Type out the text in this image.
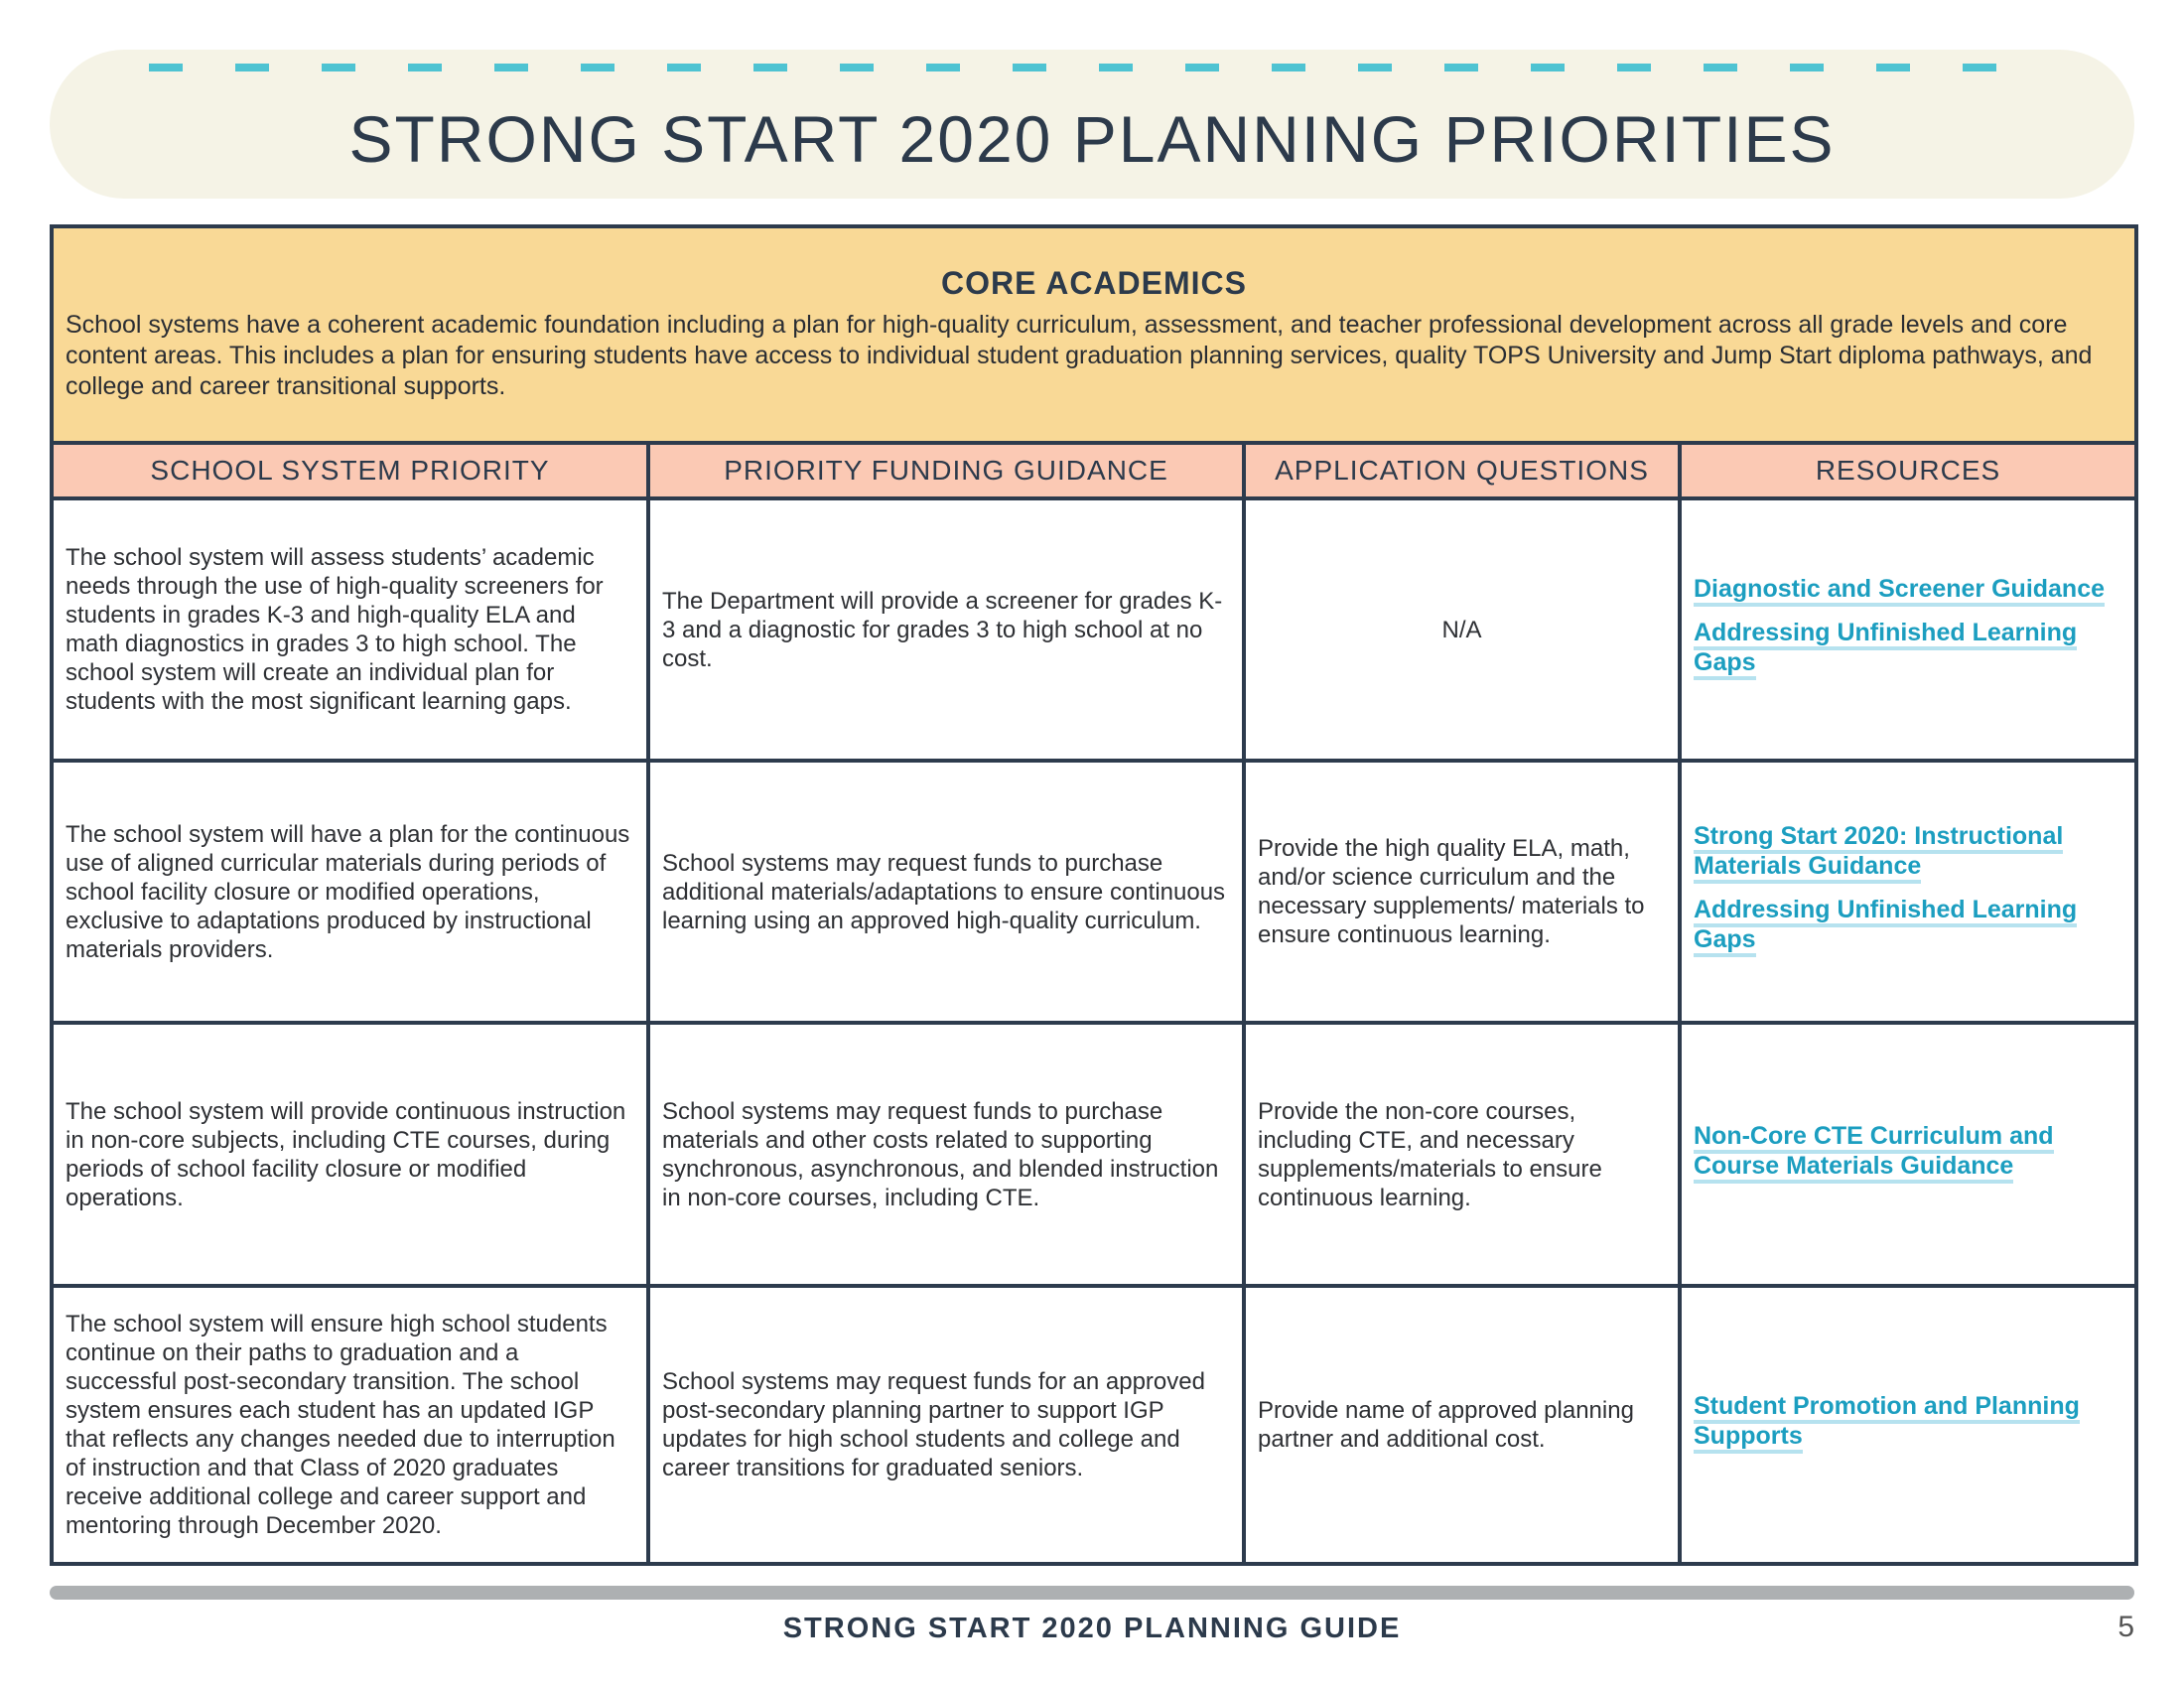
STRONG START 2020 PLANNING PRIORITIES
CORE ACADEMICS
School systems have a coherent academic foundation including a plan for high-quality curriculum, assessment, and teacher professional development across all grade levels and core content areas. This includes a plan for ensuring students have access to individual student graduation planning services, quality TOPS University and Jump Start diploma pathways, and college and career transitional supports.			

SCHOOL SYSTEM PRIORITY	PRIORITY FUNDING GUIDANCE	APPLICATION QUESTIONS	RESOURCES
The school system will assess students’ academic needs through the use of high-quality screeners for students in grades K-3 and high-quality ELA and math diagnostics in grades 3 to high school. The school system will create an individual plan for students with the most significant learning gaps.	The Department will provide a screener for grades K-3 and a diagnostic for grades 3 to high school at no cost.	N/A	Diagnostic and Screener Guidance
Addressing Unfinished Learning Gaps

The school system will have a plan for the continuous use of aligned curricular materials during periods of school facility closure or modified operations, exclusive to adaptations produced by instructional materials providers.	School systems may request funds to purchase additional materials/adaptations to ensure continuous learning using an approved high-quality curriculum.	Provide the high quality ELA, math, and/or science curriculum and the necessary supplements/ materials to ensure continuous learning.	Strong Start 2020: Instructional Materials Guidance
Addressing Unfinished Learning Gaps

The school system will provide continuous instruction in non-core subjects, including CTE courses, during periods of school facility closure or modified operations.	School systems may request funds to purchase materials and other costs related to supporting synchronous, asynchronous, and blended instruction in non-core courses, including CTE.	Provide the non-core courses, including CTE, and necessary supplements/materials to ensure continuous learning.	Non-Core CTE Curriculum and Course Materials Guidance

The school system will ensure high school students continue on their paths to graduation and a successful post-secondary transition. The school system ensures each student has an updated IGP that reflects any changes needed due to interruption of instruction and that Class of 2020 graduates receive additional college and career support and mentoring through December 2020.	School systems may request funds for an approved post-secondary planning partner to support IGP updates for high school students and college and career transitions for graduated seniors.	Provide name of approved planning partner and additional cost.	Student Promotion and Planning Supports
STRONG START 2020 PLANNING GUIDE	5
